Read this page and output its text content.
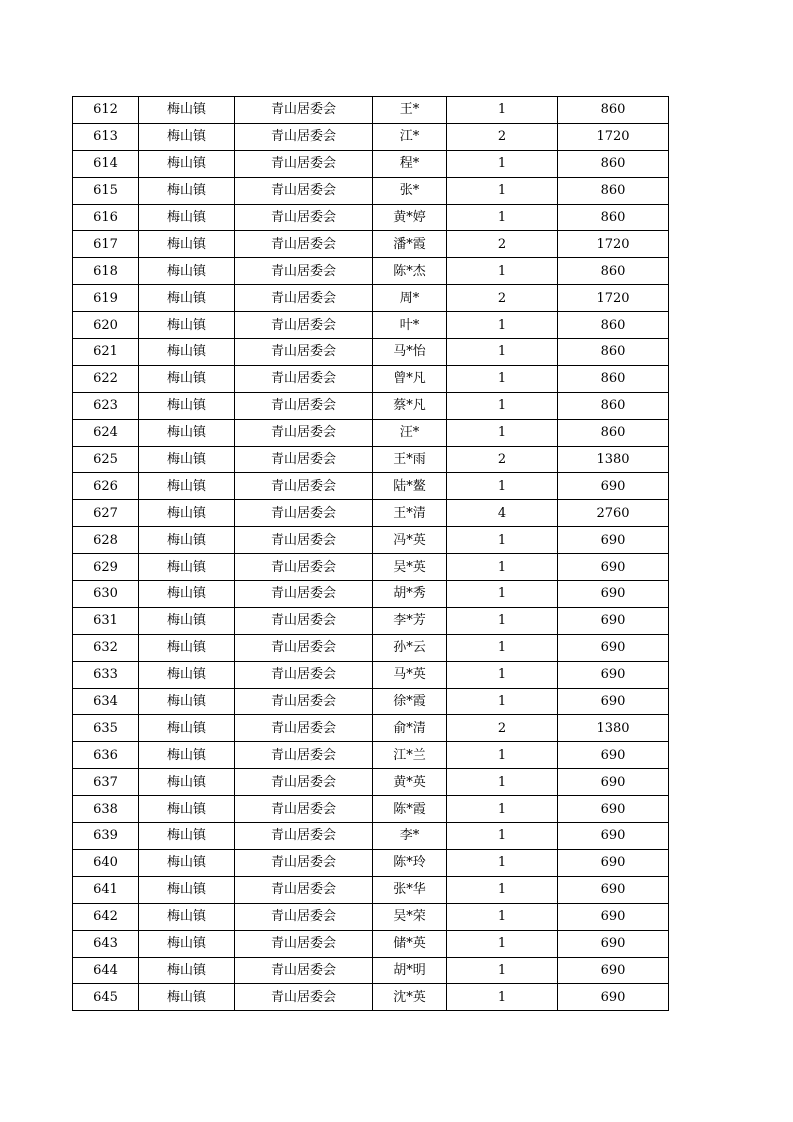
612	梅山镇	青山居委会	王*	1	860
613	梅山镇	青山居委会	江*	2	1720
614	梅山镇	青山居委会	程*	1	860
615	梅山镇	青山居委会	张*	1	860
616	梅山镇	青山居委会	黄*婷	1	860
617	梅山镇	青山居委会	潘*霞	2	1720
618	梅山镇	青山居委会	陈*杰	1	860
619	梅山镇	青山居委会	周*	2	1720
620	梅山镇	青山居委会	叶*	1	860
621	梅山镇	青山居委会	马*怡	1	860
622	梅山镇	青山居委会	曾*凡	1	860
623	梅山镇	青山居委会	蔡*凡	1	860
624	梅山镇	青山居委会	汪*	1	860
625	梅山镇	青山居委会	王*雨	2	1380
626	梅山镇	青山居委会	陆*鳌	1	690
627	梅山镇	青山居委会	王*清	4	2760
628	梅山镇	青山居委会	冯*英	1	690
629	梅山镇	青山居委会	吴*英	1	690
630	梅山镇	青山居委会	胡*秀	1	690
631	梅山镇	青山居委会	李*芳	1	690
632	梅山镇	青山居委会	孙*云	1	690
633	梅山镇	青山居委会	马*英	1	690
634	梅山镇	青山居委会	徐*霞	1	690
635	梅山镇	青山居委会	俞*清	2	1380
636	梅山镇	青山居委会	江*兰	1	690
637	梅山镇	青山居委会	黄*英	1	690
638	梅山镇	青山居委会	陈*霞	1	690
639	梅山镇	青山居委会	李*	1	690
640	梅山镇	青山居委会	陈*玲	1	690
641	梅山镇	青山居委会	张*华	1	690
642	梅山镇	青山居委会	吴*荣	1	690
643	梅山镇	青山居委会	储*英	1	690
644	梅山镇	青山居委会	胡*明	1	690
645	梅山镇	青山居委会	沈*英	1	690
